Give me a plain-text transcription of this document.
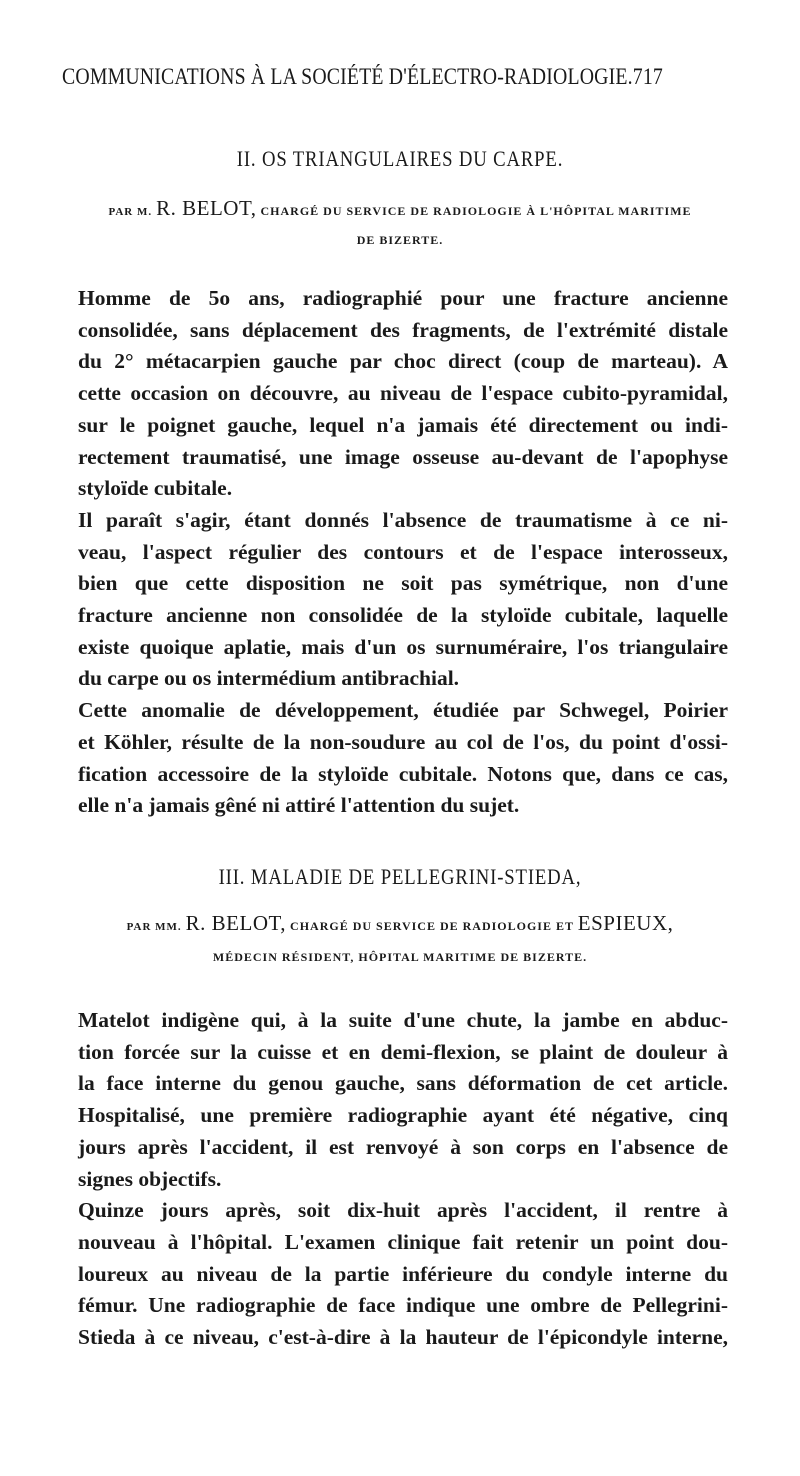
COMMUNICATIONS À LA SOCIÉTÉ D'ÉLECTRO-RADIOLOGIE. 717
II. OS TRIANGULAIRES DU CARPE.
PAR M. R. BELOT, CHARGÉ DU SERVICE DE RADIOLOGIE À L'HÔPITAL MARITIME
DE BIZERTE.
Homme de 5o ans, radiographié pour une fracture ancienne
consolidée, sans déplacement des fragments, de l'extrémité distale
du 2° métacarpien gauche par choc direct (coup de marteau). A
cette occasion on découvre, au niveau de l'espace cubito-pyramidal,
sur le poignet gauche, lequel n'a jamais été directement ou indi-
rectement traumatisé, une image osseuse au-devant de l'apophyse
styloïde cubitale.
Il paraît s'agir, étant donnés l'absence de traumatisme à ce ni-
veau, l'aspect régulier des contours et de l'espace interosseux,
bien que cette disposition ne soit pas symétrique, non d'une
fracture ancienne non consolidée de la styloïde cubitale, laquelle
existe quoique aplatie, mais d'un os surnuméraire, l'os triangulaire
du carpe ou os intermédium antibrachial.
Cette anomalie de développement, étudiée par Schwegel, Poirier
et Köhler, résulte de la non-soudure au col de l'os, du point d'ossi-
fication accessoire de la styloïde cubitale. Notons que, dans ce cas,
elle n'a jamais gêné ni attiré l'attention du sujet.
III. MALADIE DE PELLEGRINI-STIEDA,
PAR MM. R. BELOT, CHARGÉ DU SERVICE DE RADIOLOGIE ET ESPIEUX,
MÉDECIN RÉSIDENT, HÔPITAL MARITIME DE BIZERTE.
Matelot indigène qui, à la suite d'une chute, la jambe en abduc-
tion forcée sur la cuisse et en demi-flexion, se plaint de douleur à
la face interne du genou gauche, sans déformation de cet article.
Hospitalisé, une première radiographie ayant été négative, cinq
jours après l'accident, il est renvoyé à son corps en l'absence de
signes objectifs.
Quinze jours après, soit dix-huit après l'accident, il rentre à
nouveau à l'hôpital. L'examen clinique fait retenir un point dou-
loureux au niveau de la partie inférieure du condyle interne du
fémur. Une radiographie de face indique une ombre de Pellegrini-
Stieda à ce niveau, c'est-à-dire à la hauteur de l'épicondyle interne,
